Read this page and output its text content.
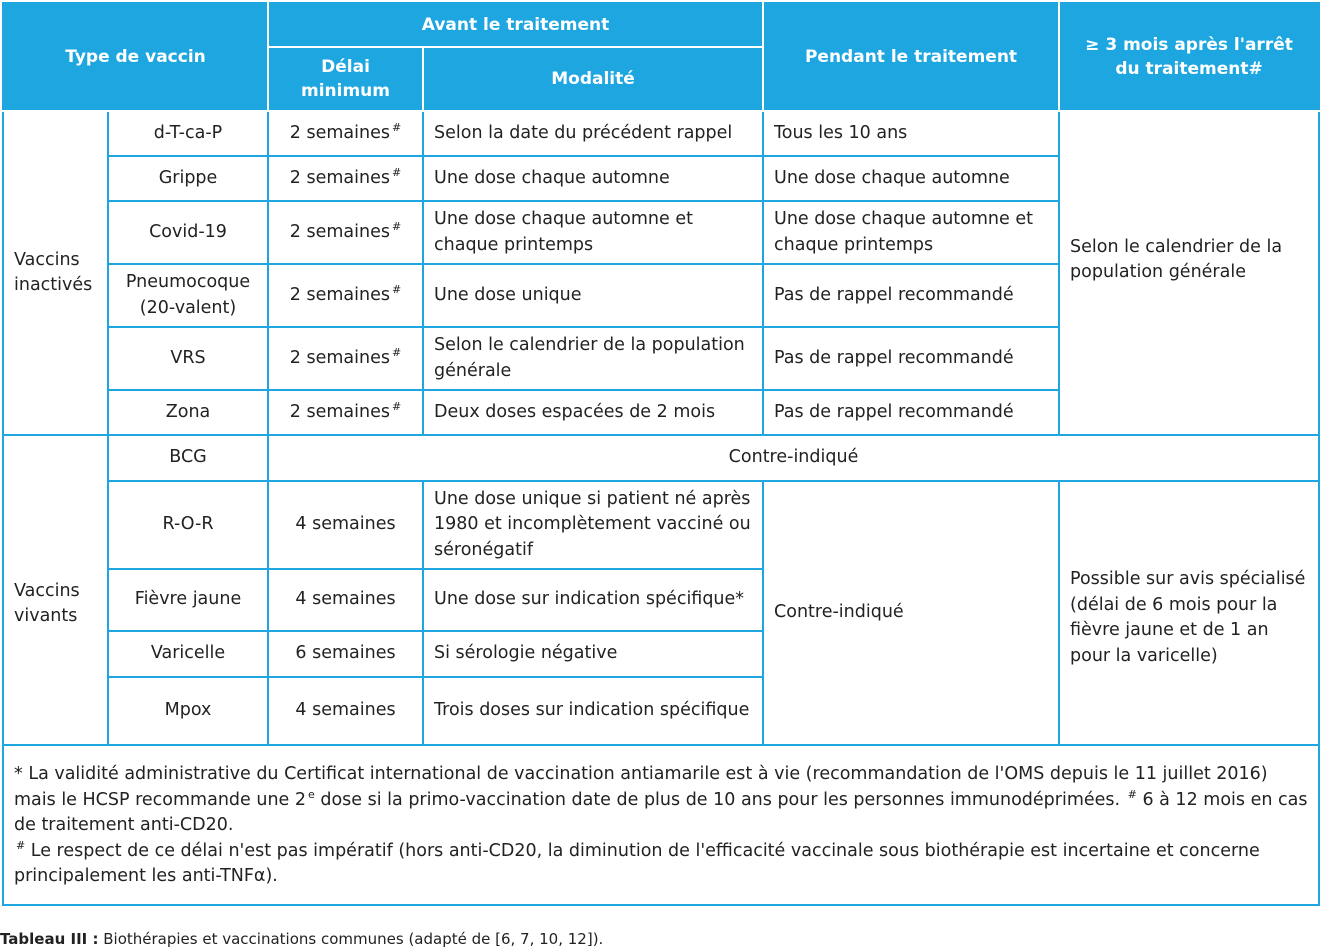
Type de vaccin		Avant le traitement		Pendant le traitement	≥ 3 mois après l'arrêt du traitement#
		Délai minimum	Modalité		
Vaccins inactivés	d-T-ca-P	2 semaines #	Selon la date du précédent rappel	Tous les 10 ans	Selon le calendrier de la population générale
	Grippe	2 semaines #	Une dose chaque automne	Une dose chaque automne	
	Covid-19	2 semaines #	Une dose chaque automne et chaque printemps	Une dose chaque automne et chaque printemps	
	Pneumocoque (20-valent)	2 semaines #	Une dose unique	Pas de rappel recommandé	
	VRS	2 semaines #	Selon le calendrier de la population générale	Pas de rappel recommandé	
	Zona	2 semaines #	Deux doses espacées de 2 mois	Pas de rappel recommandé	
Vaccins vivants	BCG	Contre-indiqué			
	R-O-R	4 semaines	Une dose unique si patient né après 1980 et incomplètement vacciné ou séronégatif	Contre-indiqué	Possible sur avis spécialisé (délai de 6 mois pour la fièvre jaune et de 1 an pour la varicelle)
	Fièvre jaune	4 semaines	Une dose sur indication spécifique*		
	Varicelle	6 semaines	Si sérologie négative		
	Mpox	4 semaines	Trois doses sur indication spécifique		

* La validité administrative du Certificat international de vaccination antiamarile est à vie (recommandation de l'OMS depuis le 11 juillet 2016) mais le HCSP recommande une 2 $^e$ dose si la primo-vaccination date de plus de 10 ans pour les personnes immunodéprimées. # 6 à 12 mois en cas de traitement anti-CD20.
# Le respect de ce délai n'est pas impératif (hors anti-CD20, la diminution de l'efficacité vaccinale sous biothérapie est incertaine et concerne principalement les anti-TNFα).					
Tableau III : Biothérapies et vaccinations communes (adapté de [6, 7, 10, 12]).
